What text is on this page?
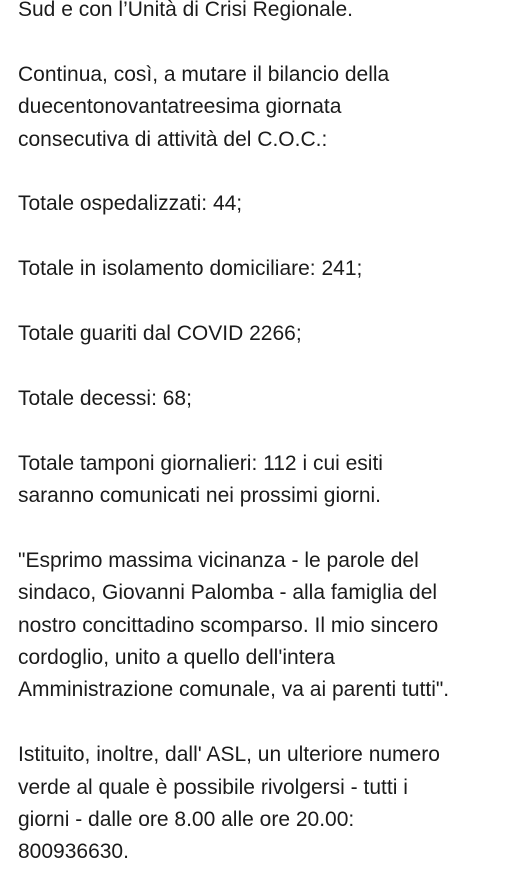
Sud e con l’Unità di Crisi Regionale.

Continua, così, a mutare il bilancio della

duecentonovantatreesima giornata

consecutiva di attività del C.O.C.:

Totale ospedalizzati: 44;

Totale in isolamento domiciliare: 241;

Totale guariti dal COVID 2266;

Totale decessi: 68;

Totale tamponi giornalieri: 112 i cui esiti

saranno comunicati nei prossimi giorni.

"Esprimo massima vicinanza - le parole del

sindaco, Giovanni Palomba - alla famiglia del

nostro concittadino scomparso. Il mio sincero

cordoglio, unito a quello dell'intera

Amministrazione comunale, va ai parenti tutti".

Istituito, inoltre, dall' ASL, un ulteriore numero

verde al quale è possibile rivolgersi - tutti i

giorni - dalle ore 8.00 alle ore 20.00:

800936630.
